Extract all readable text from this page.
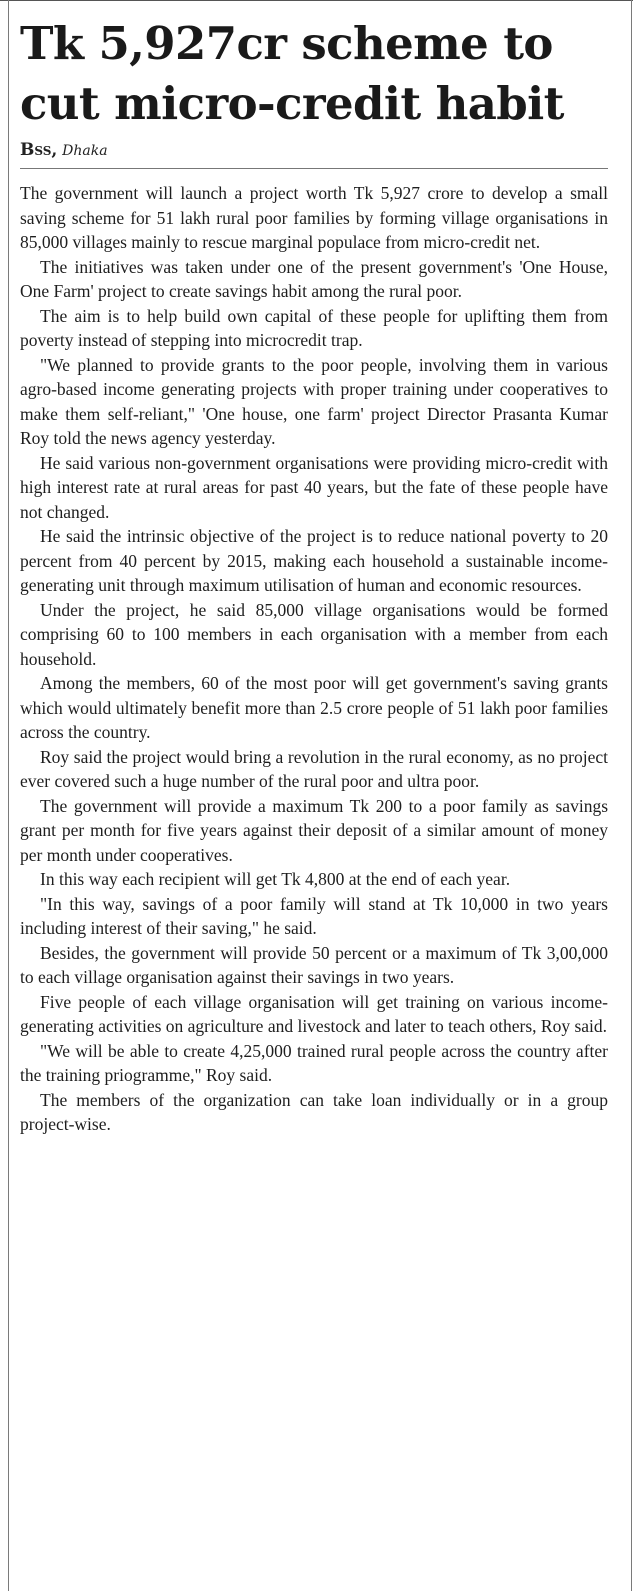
Tk 5,927cr scheme to cut micro-credit habit
Bss, Dhaka

The government will launch a project worth Tk 5,927 crore to develop a small saving scheme for 51 lakh rural poor families by forming village organisations in 85,000 villages mainly to rescue marginal populace from micro-credit net.

The initiatives was taken under one of the present government's 'One House, One Farm' project to create savings habit among the rural poor.

The aim is to help build own capital of these people for uplifting them from poverty instead of stepping into microcredit trap.

"We planned to provide grants to the poor people, involving them in various agro-based income generating projects with proper training under cooperatives to make them self-reliant," 'One house, one farm' project Director Prasanta Kumar Roy told the news agency yesterday.

He said various non-government organisations were providing micro-credit with high interest rate at rural areas for past 40 years, but the fate of these people have not changed.

He said the intrinsic objective of the project is to reduce national poverty to 20 percent from 40 percent by 2015, making each household a sustainable income-generating unit through maximum utilisation of human and economic resources.

Under the project, he said 85,000 village organisations would be formed comprising 60 to 100 members in each organisation with a member from each household.

Among the members, 60 of the most poor will get government's saving grants which would ultimately benefit more than 2.5 crore people of 51 lakh poor families across the country.

Roy said the project would bring a revolution in the rural economy, as no project ever covered such a huge number of the rural poor and ultra poor.

The government will provide a maximum Tk 200 to a poor family as savings grant per month for five years against their deposit of a similar amount of money per month under cooperatives.

In this way each recipient will get Tk 4,800 at the end of each year.

"In this way, savings of a poor family will stand at Tk 10,000 in two years including interest of their saving," he said.

Besides, the government will provide 50 percent or a maximum of Tk 3,00,000 to each village organisation against their savings in two years.

Five people of each village organisation will get training on various income-generating activities on agriculture and livestock and later to teach others, Roy said.

"We will be able to create 4,25,000 trained rural people across the country after the training priogramme," Roy said.

The members of the organization can take loan individually or in a group project-wise.
